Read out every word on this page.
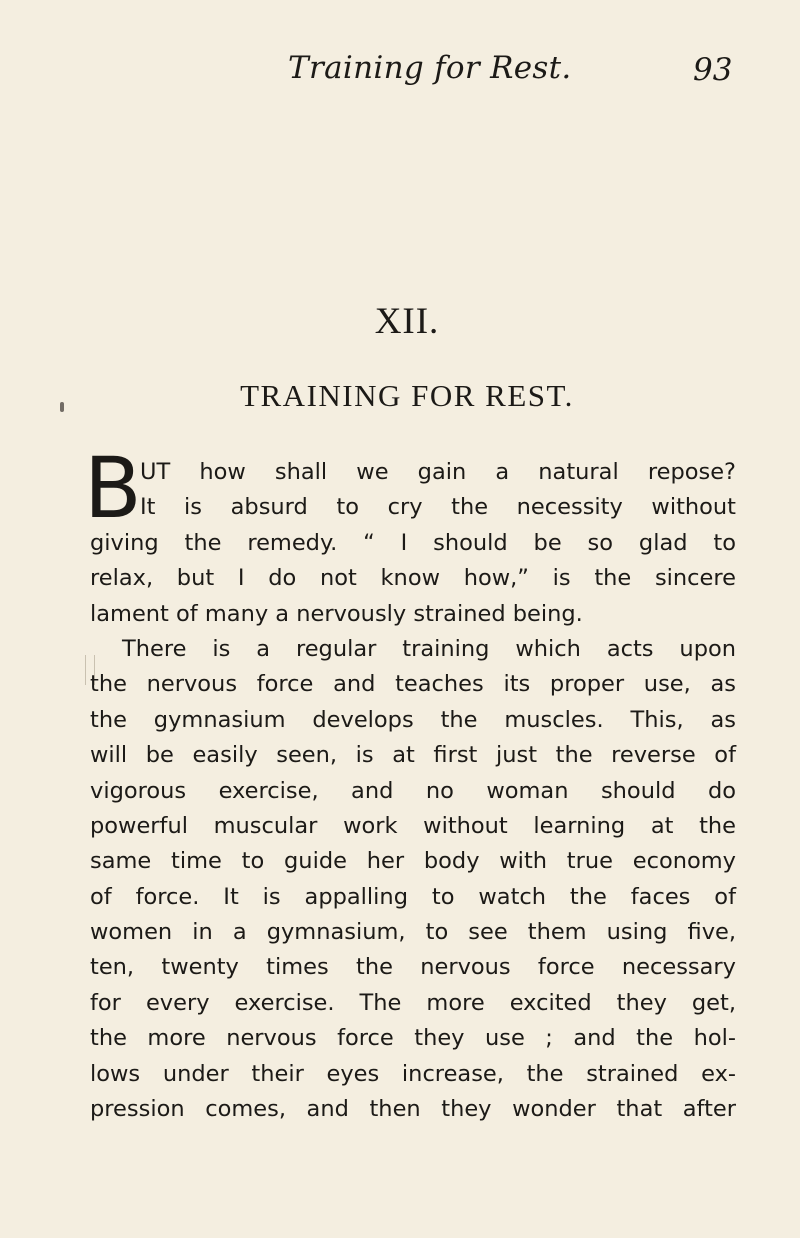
Training for Rest.	93
XII.
TRAINING FOR REST.
B
UT how shall we gain a natural repose?
It is absurd to cry the necessity without
giving the remedy. “ I should be so glad to
relax, but I do not know how,” is the sincere
lament of many a nervously strained being.
There is a regular training which acts upon
the nervous force and teaches its proper use, as
the gymnasium develops the muscles. This, as
will be easily seen, is at first just the reverse of
vigorous exercise, and no woman should do
powerful muscular work without learning at the
same time to guide her body with true economy
of force. It is appalling to watch the faces of
women in a gymnasium, to see them using five,
ten, twenty times the nervous force necessary
for every exercise. The more excited they get,
the more nervous force they use ; and the hol-
lows under their eyes increase, the strained ex-
pression comes, and then they wonder that after
